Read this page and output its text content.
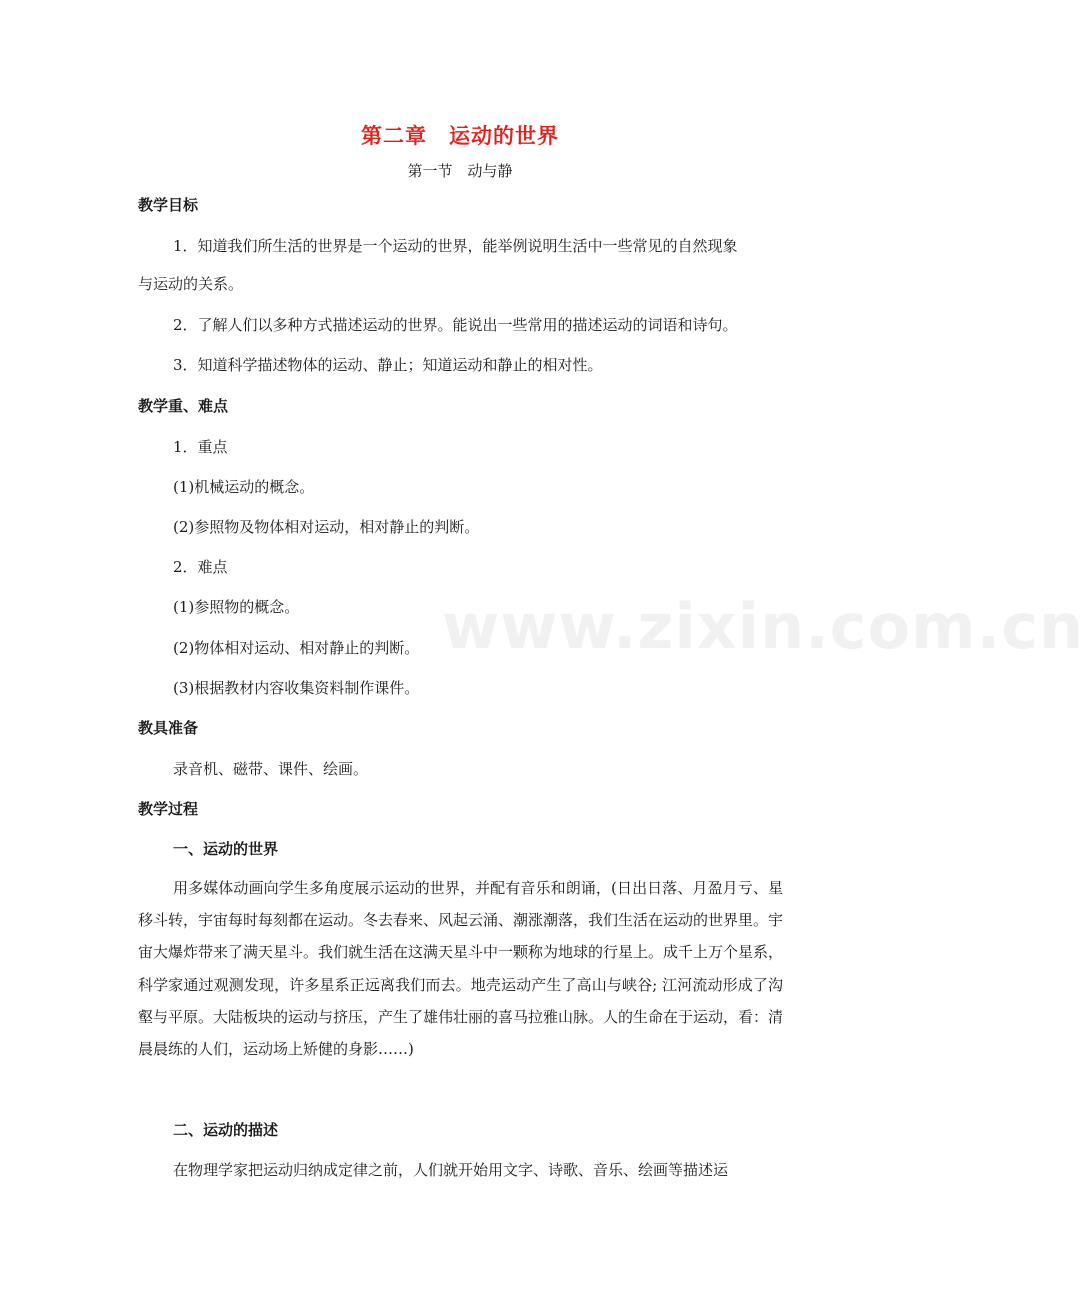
第二章　运动的世界
第一节　动与静
教学目标
1．知道我们所生活的世界是一个运动的世界，能举例说明生活中一些常见的自然现象
与运动的关系。
2．了解人们以多种方式描述运动的世界。能说出一些常用的描述运动的词语和诗句。
3．知道科学描述物体的运动、静止；知道运动和静止的相对性。
教学重、难点
1．重点
(1)机械运动的概念。
(2)参照物及物体相对运动，相对静止的判断。
2．难点
(1)参照物的概念。
(2)物体相对运动、相对静止的判断。
(3)根据教材内容收集资料制作课件。
教具准备
录音机、磁带、课件、绘画。
教学过程
一、运动的世界
用多媒体动画向学生多角度展示运动的世界，并配有音乐和朗诵，(日出日落、月盈月亏、星移斗转，宇宙每时每刻都在运动。冬去春来、风起云涌、潮涨潮落，我们生活在运动的世界里。宇宙大爆炸带来了满天星斗。我们就生活在这满天星斗中一颗称为地球的行星上。成千上万个星系，科学家通过观测发现，许多星系正远离我们而去。地壳运动产生了高山与峡谷; 江河流动形成了沟壑与平原。大陆板块的运动与挤压，产生了雄伟壮丽的喜马拉雅山脉。人的生命在于运动，看：清晨晨练的人们，运动场上矫健的身影……)
二、运动的描述
在物理学家把运动归纳成定律之前，人们就开始用文字、诗歌、音乐、绘画等描述运
www.zixin.com.cn
